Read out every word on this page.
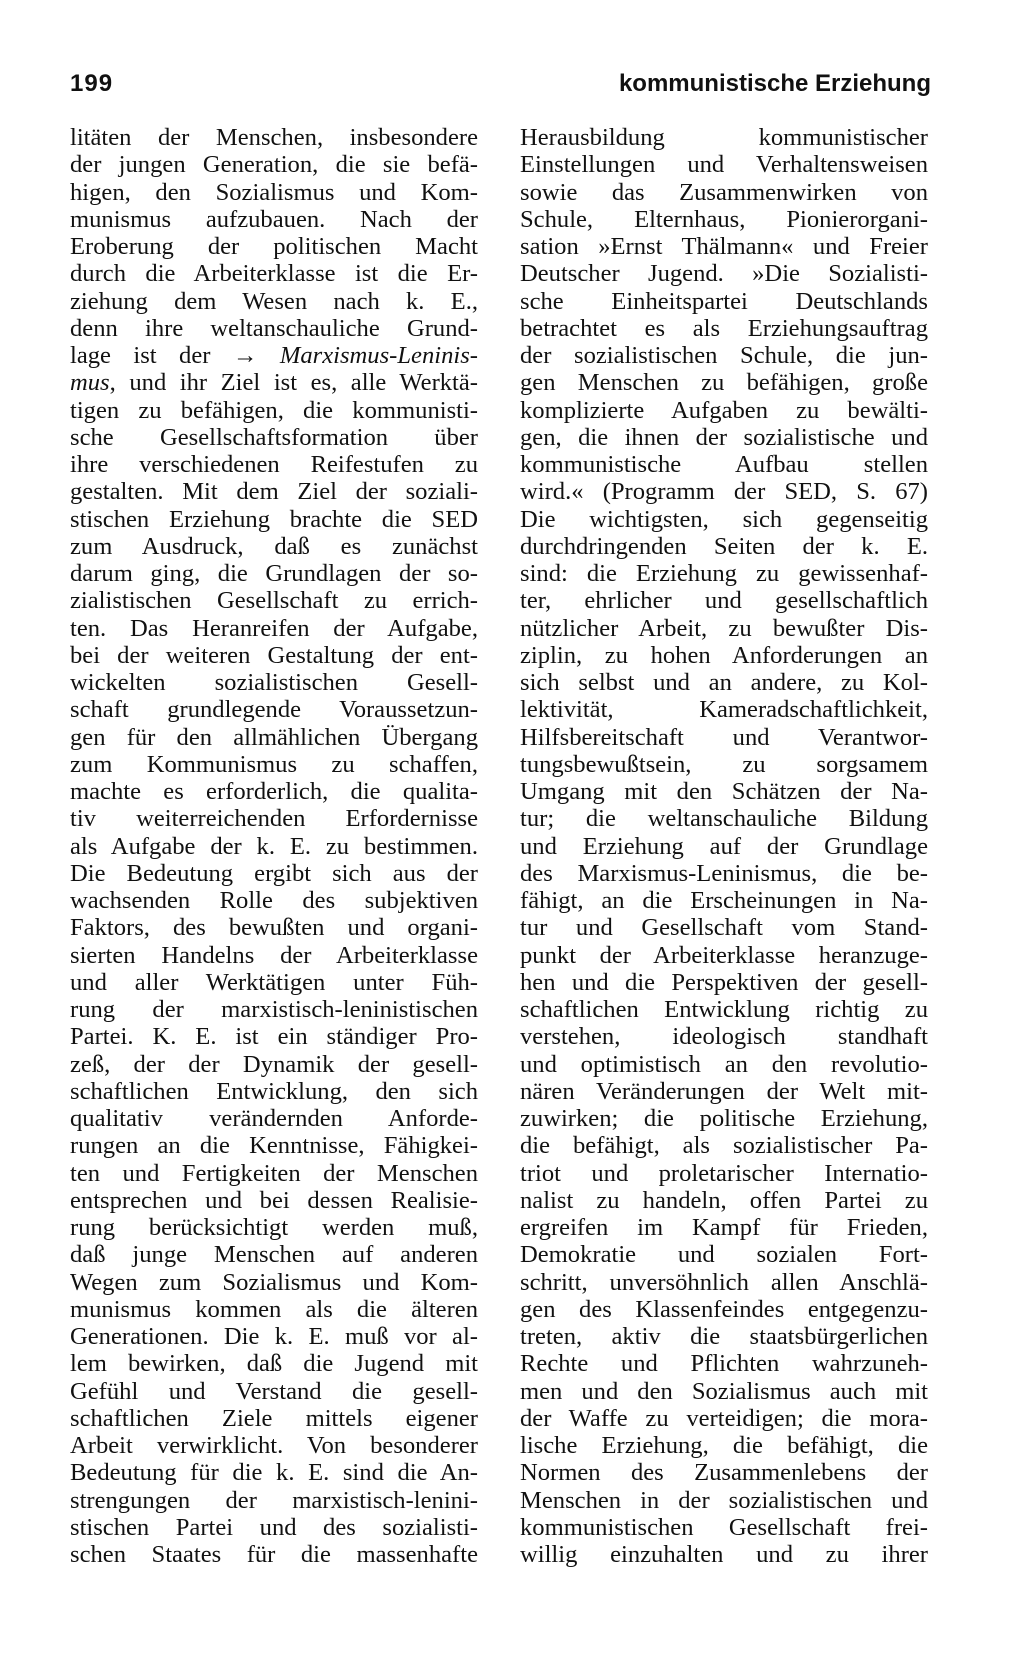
199	kommunistische Erziehung
litäten der Menschen, insbesondere
der jungen Generation, die sie befä-
higen, den Sozialismus und Kom-
munismus aufzubauen. Nach der
Eroberung der politischen Macht
durch die Arbeiterklasse ist die Er-
ziehung dem Wesen nach k. E.,
denn ihre weltanschauliche Grund-
lage ist der → Marxismus-Leninis-
mus, und ihr Ziel ist es, alle Werktä-
tigen zu befähigen, die kommunisti-
sche Gesellschaftsformation über
ihre verschiedenen Reifestufen zu
gestalten. Mit dem Ziel der soziali-
stischen Erziehung brachte die SED
zum Ausdruck, daß es zunächst
darum ging, die Grundlagen der so-
zialistischen Gesellschaft zu errich-
ten. Das Heranreifen der Aufgabe,
bei der weiteren Gestaltung der ent-
wickelten sozialistischen Gesell-
schaft grundlegende Voraussetzun-
gen für den allmählichen Übergang
zum Kommunismus zu schaffen,
machte es erforderlich, die qualita-
tiv weiterreichenden Erfordernisse
als Aufgabe der k. E. zu bestimmen.
Die Bedeutung ergibt sich aus der
wachsenden Rolle des subjektiven
Faktors, des bewußten und organi-
sierten Handelns der Arbeiterklasse
und aller Werktätigen unter Füh-
rung der marxistisch-leninistischen
Partei. K. E. ist ein ständiger Pro-
zeß, der der Dynamik der gesell-
schaftlichen Entwicklung, den sich
qualitativ verändernden Anforde-
rungen an die Kenntnisse, Fähigkei-
ten und Fertigkeiten der Menschen
entsprechen und bei dessen Realisie-
rung berücksichtigt werden muß,
daß junge Menschen auf anderen
Wegen zum Sozialismus und Kom-
munismus kommen als die älteren
Generationen. Die k. E. muß vor al-
lem bewirken, daß die Jugend mit
Gefühl und Verstand die gesell-
schaftlichen Ziele mittels eigener
Arbeit verwirklicht. Von besonderer
Bedeutung für die k. E. sind die An-
strengungen der marxistisch-lenini-
stischen Partei und des sozialisti-
schen Staates für die massenhafte
Herausbildung kommunistischer
Einstellungen und Verhaltensweisen
sowie das Zusammenwirken von
Schule, Elternhaus, Pionierorgani-
sation »Ernst Thälmann« und Freier
Deutscher Jugend. »Die Sozialisti-
sche Einheitspartei Deutschlands
betrachtet es als Erziehungsauftrag
der sozialistischen Schule, die jun-
gen Menschen zu befähigen, große
komplizierte Aufgaben zu bewälti-
gen, die ihnen der sozialistische und
kommunistische Aufbau stellen
wird.« (Programm der SED, S. 67)
Die wichtigsten, sich gegenseitig
durchdringenden Seiten der k. E.
sind: die Erziehung zu gewissenhaf-
ter, ehrlicher und gesellschaftlich
nützlicher Arbeit, zu bewußter Dis-
ziplin, zu hohen Anforderungen an
sich selbst und an andere, zu Kol-
lektivität, Kameradschaftlichkeit,
Hilfsbereitschaft und Verantwor-
tungsbewußtsein, zu sorgsamem
Umgang mit den Schätzen der Na-
tur; die weltanschauliche Bildung
und Erziehung auf der Grundlage
des Marxismus-Leninismus, die be-
fähigt, an die Erscheinungen in Na-
tur und Gesellschaft vom Stand-
punkt der Arbeiterklasse heranzuge-
hen und die Perspektiven der gesell-
schaftlichen Entwicklung richtig zu
verstehen, ideologisch standhaft
und optimistisch an den revolutio-
nären Veränderungen der Welt mit-
zuwirken; die politische Erziehung,
die befähigt, als sozialistischer Pa-
triot und proletarischer Internatio-
nalist zu handeln, offen Partei zu
ergreifen im Kampf für Frieden,
Demokratie und sozialen Fort-
schritt, unversöhnlich allen Anschlä-
gen des Klassenfeindes entgegenzu-
treten, aktiv die staatsbürgerlichen
Rechte und Pflichten wahrzuneh-
men und den Sozialismus auch mit
der Waffe zu verteidigen; die mora-
lische Erziehung, die befähigt, die
Normen des Zusammenlebens der
Menschen in der sozialistischen und
kommunistischen Gesellschaft frei-
willig einzuhalten und zu ihrer
